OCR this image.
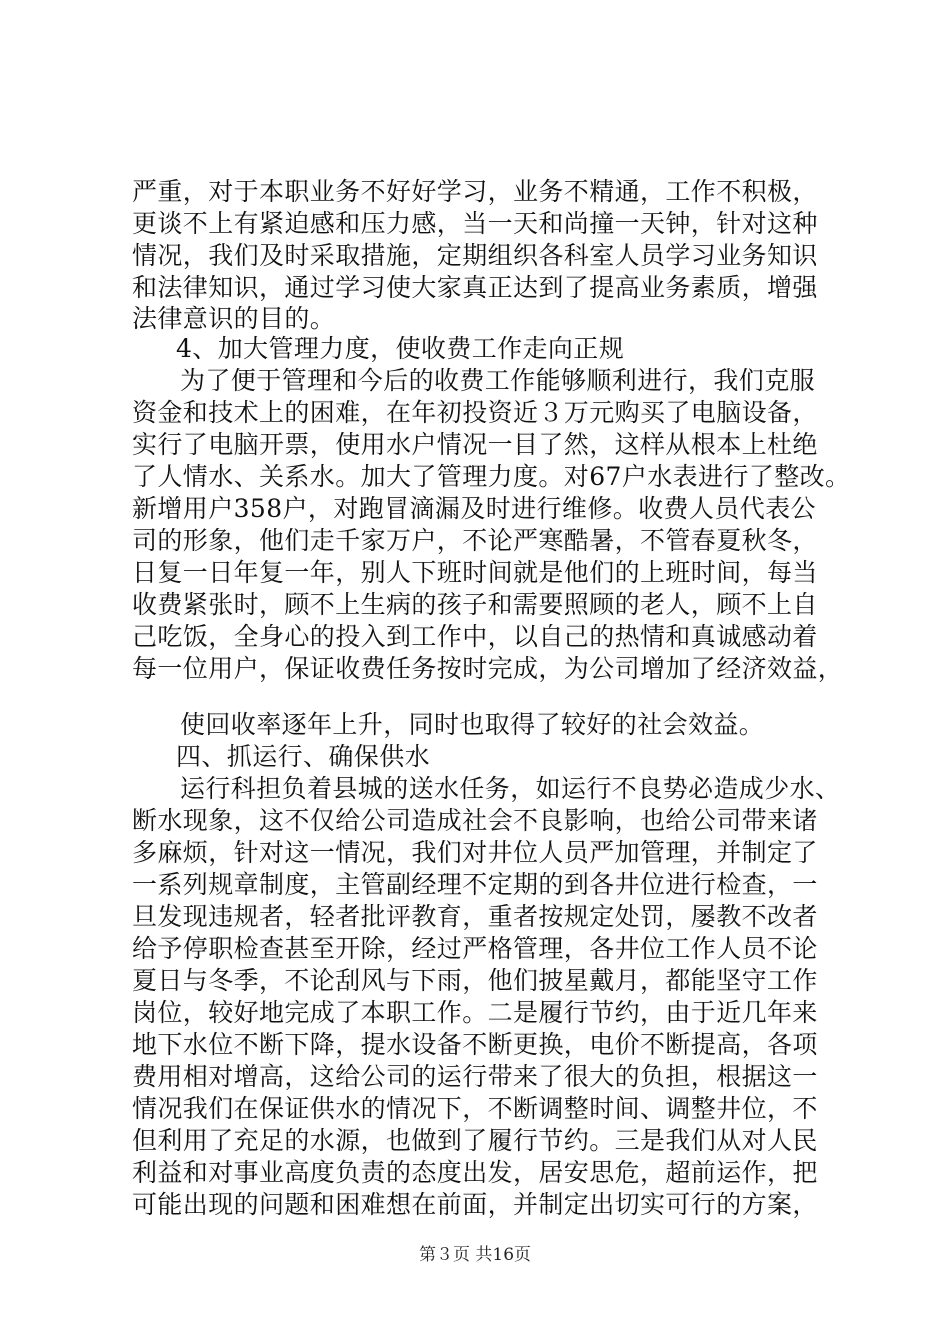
严重，对于本职业务不好好学习，业务不精通，工作不积极，
更谈不上有紧迫感和压力感，当一天和尚撞一天钟，针对这种
情况，我们及时采取措施，定期组织各科室人员学习业务知识
和法律知识，通过学习使大家真正达到了提高业务素质，增强
法律意识的目的。
4、加大管理力度，使收费工作走向正规
为了便于管理和今后的收费工作能够顺利进行，我们克服
资金和技术上的困难，在年初投资近３万元购买了电脑设备，
实行了电脑开票，使用水户情况一目了然，这样从根本上杜绝
了人情水、关系水。加大了管理力度。对67户水表进行了整改。
新增用户358户，对跑冒滴漏及时进行维修。收费人员代表公
司的形象，他们走千家万户，不论严寒酷暑，不管春夏秋冬，
日复一日年复一年，别人下班时间就是他们的上班时间，每当
收费紧张时，顾不上生病的孩子和需要照顾的老人，顾不上自
己吃饭，全身心的投入到工作中，以自己的热情和真诚感动着
每一位用户，保证收费任务按时完成，为公司增加了经济效益，
使回收率逐年上升，同时也取得了较好的社会效益。
四、抓运行、确保供水
运行科担负着县城的送水任务，如运行不良势必造成少水、
断水现象，这不仅给公司造成社会不良影响，也给公司带来诸
多麻烦，针对这一情况，我们对井位人员严加管理，并制定了
一系列规章制度，主管副经理不定期的到各井位进行检查，一
旦发现违规者，轻者批评教育，重者按规定处罚，屡教不改者
给予停职检查甚至开除，经过严格管理，各井位工作人员不论
夏日与冬季，不论刮风与下雨，他们披星戴月，都能坚守工作
岗位，较好地完成了本职工作。二是履行节约，由于近几年来
地下水位不断下降，提水设备不断更换，电价不断提高，各项
费用相对增高，这给公司的运行带来了很大的负担，根据这一
情况我们在保证供水的情况下，不断调整时间、调整井位，不
但利用了充足的水源，也做到了履行节约。三是我们从对人民
利益和对事业高度负责的态度出发，居安思危，超前运作，把
可能出现的问题和困难想在前面，并制定出切实可行的方案，
第３页 共16页
